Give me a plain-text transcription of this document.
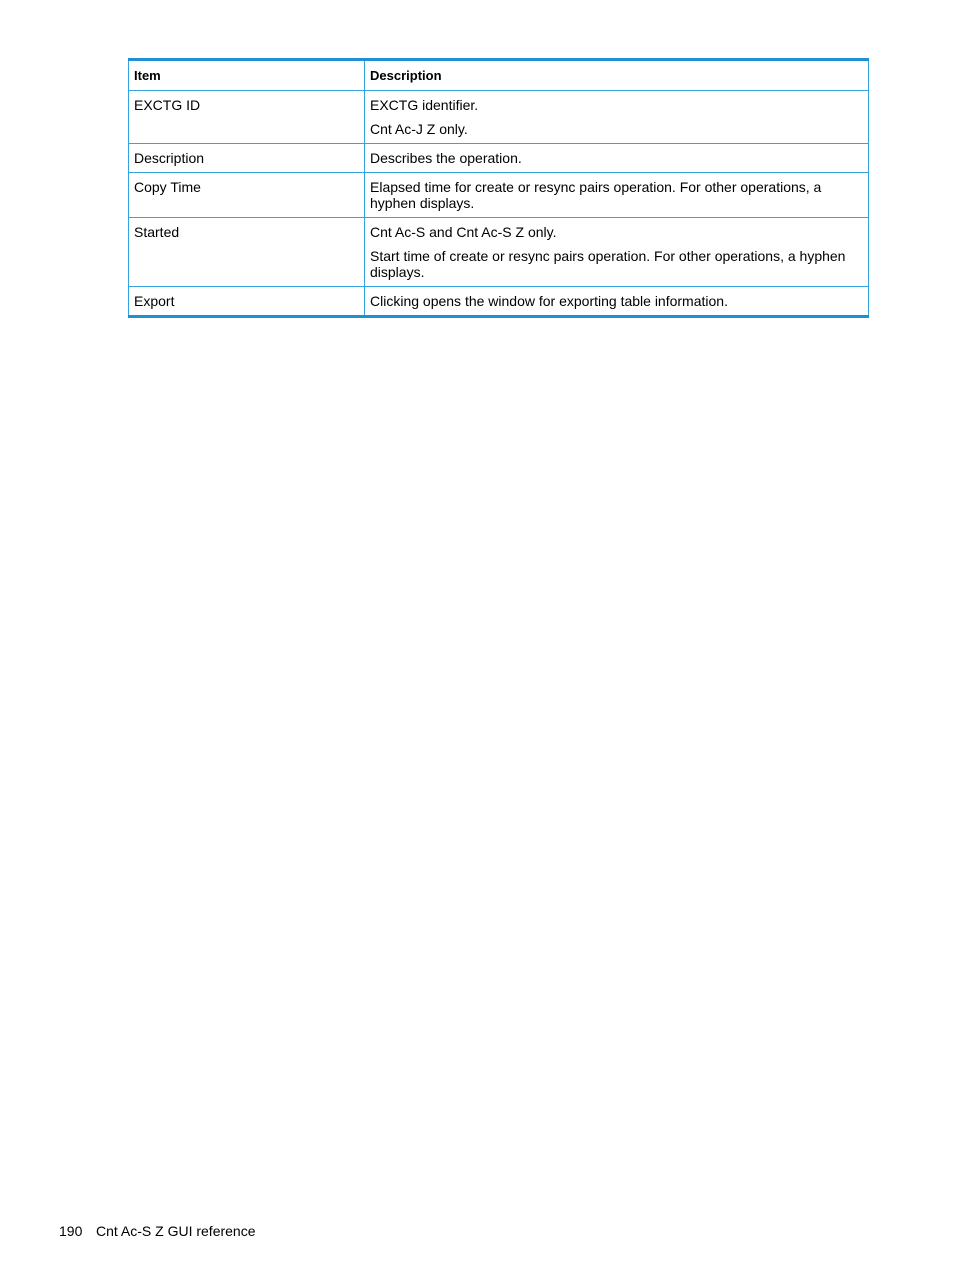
Item	Description
EXCTG ID	EXCTG identifier.

Cnt Ac-J Z only.

Description	Describes the operation.

Copy Time	Elapsed time for create or resync pairs operation. For other operations, a hyphen displays.

Started	Cnt Ac-S and Cnt Ac-S Z only.

Start time of create or resync pairs operation. For other operations, a hyphen displays.

Export	Clicking opens the window for exporting table information.

190 Cnt Ac-S Z GUI reference
